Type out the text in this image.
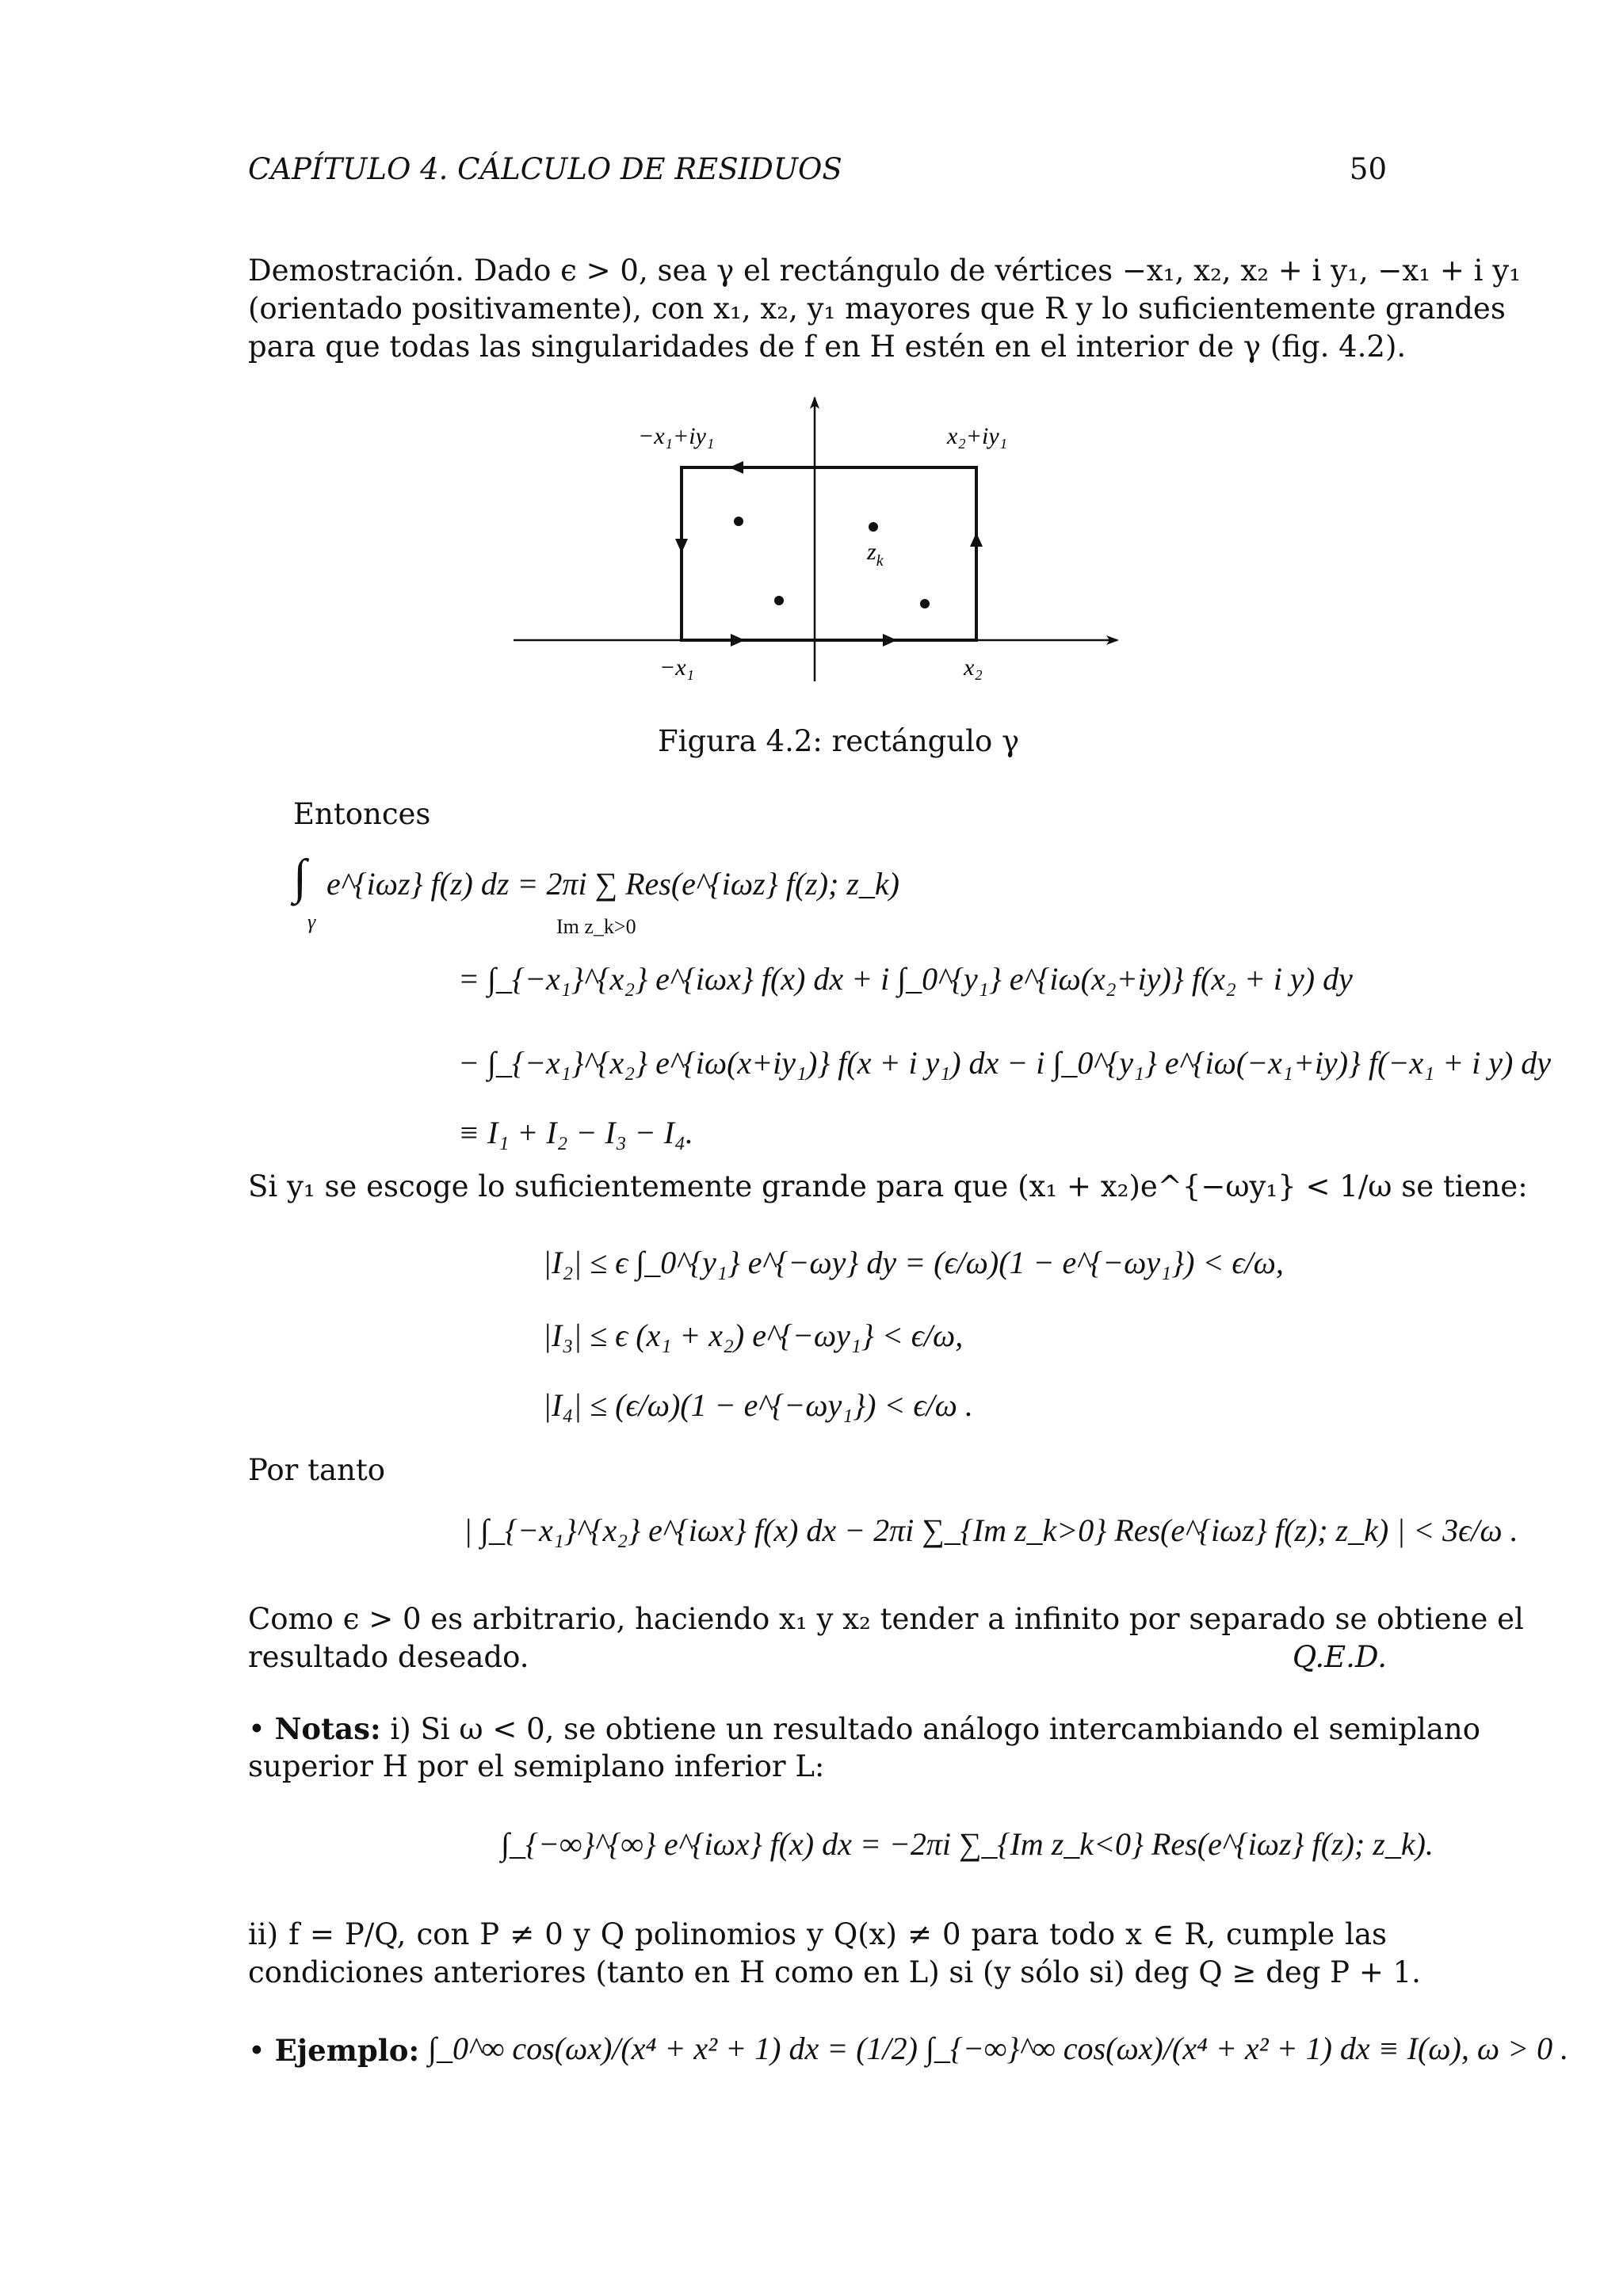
CAPÍTULO 4. CÁLCULO DE RESIDUOS	50
Demostración. Dado ϵ > 0, sea γ el rectángulo de vértices −x₁, x₂, x₂ + i y₁, −x₁ + i y₁
(orientado positivamente), con x₁, x₂, y₁ mayores que R y lo suficientemente grandes
para que todas las singularidades de f en H estén en el interior de γ (fig. 4.2).
−x₁+iy₁	x₂+iy₁
−x₁	x₂
$z_k$
Figura 4.2: rectángulo γ
Entonces
∫
γ
e^{iωz} f(z) dz = 2πi ∑ Res(e^{iωz} f(z); z_k)
Im z_k>0
= ∫_{−x₁}^{x₂} e^{iωx} f(x) dx + i ∫_0^{y₁} e^{iω(x₂+iy)} f(x₂ + i y) dy
− ∫_{−x₁}^{x₂} e^{iω(x+iy₁)} f(x + i y₁) dx − i ∫_0^{y₁} e^{iω(−x₁+iy)} f(−x₁ + i y) dy
≡ I₁ + I₂ − I₃ − I₄.
Si y₁ se escoge lo suficientemente grande para que (x₁ + x₂)e^{−ωy₁} < 1/ω se tiene:
|I₂| ≤ ϵ ∫_0^{y₁} e^{−ωy} dy = (ϵ/ω)(1 − e^{−ωy₁}) < ϵ/ω,
|I₃| ≤ ϵ (x₁ + x₂) e^{−ωy₁} < ϵ/ω,
|I₄| ≤ (ϵ/ω)(1 − e^{−ωy₁}) < ϵ/ω .
Por tanto
| ∫_{−x₁}^{x₂} e^{iωx} f(x) dx − 2πi ∑_{Im z_k>0} Res(e^{iωz} f(z); z_k) | < 3ϵ/ω .
Como ϵ > 0 es arbitrario, haciendo x₁ y x₂ tender a infinito por separado se obtiene el
resultado deseado.	Q.E.D.
• Notas: i) Si ω < 0, se obtiene un resultado análogo intercambiando el semiplano
superior H por el semiplano inferior L:
∫_{−∞}^{∞} e^{iωx} f(x) dx = −2πi ∑_{Im z_k<0} Res(e^{iωz} f(z); z_k).
ii) f = P/Q, con P ≠ 0 y Q polinomios y Q(x) ≠ 0 para todo x ∈ R, cumple las
condiciones anteriores (tanto en H como en L) si (y sólo si) deg Q ≥ deg P + 1.
• Ejemplo: ∫_0^∞ cos(ωx)/(x⁴ + x² + 1) dx = (1/2) ∫_{−∞}^∞ cos(ωx)/(x⁴ + x² + 1) dx ≡ I(ω), ω > 0 .
